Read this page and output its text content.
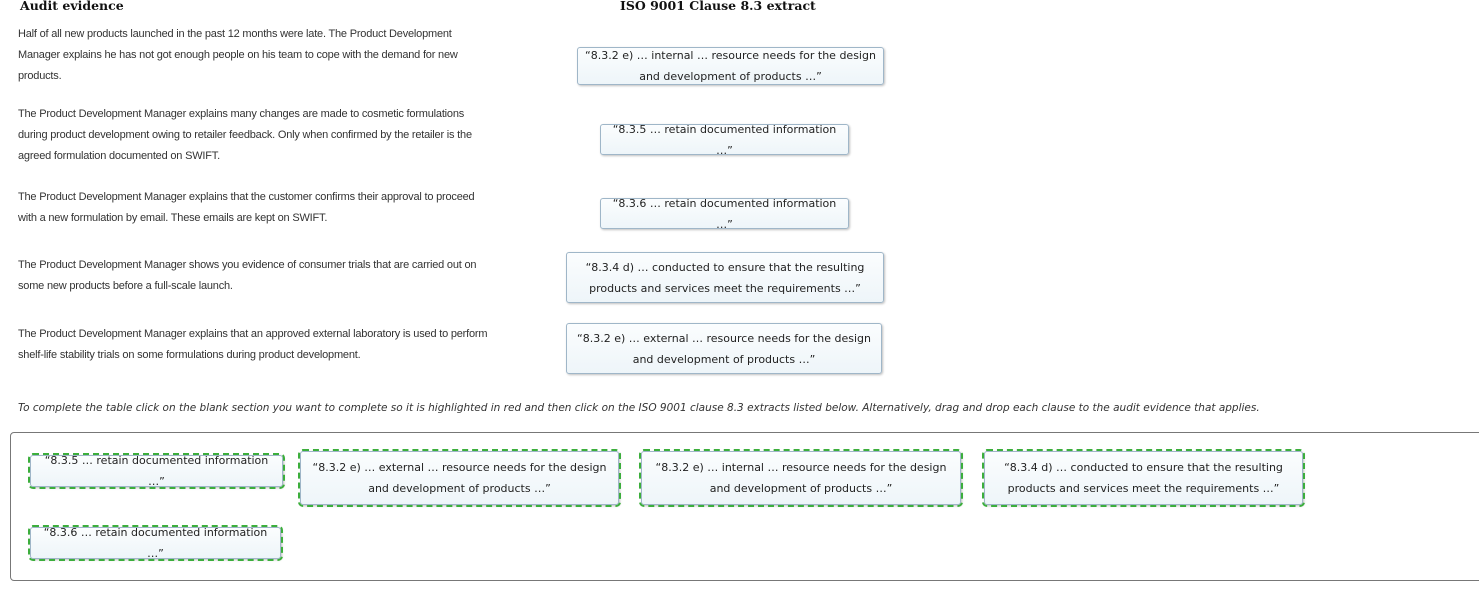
Audit evidence	ISO 9001 Clause 8.3 extract
Half of all new products launched in the past 12 months were late. The Product Development
Manager explains he has not got enough people on his team to cope with the demand for new
products.
The Product Development Manager explains many changes are made to cosmetic formulations
during product development owing to retailer feedback. Only when confirmed by the retailer is the
agreed formulation documented on SWIFT.
The Product Development Manager explains that the customer confirms their approval to proceed
with a new formulation by email. These emails are kept on SWIFT.
The Product Development Manager shows you evidence of consumer trials that are carried out on
some new products before a full-scale launch.
The Product Development Manager explains that an approved external laboratory is used to perform
shelf-life stability trials on some formulations during product development.
“8.3.2 e) … internal … resource needs for the design
and development of products …”
“8.3.5 … retain documented information …”
“8.3.6 … retain documented information …”
“8.3.4 d) … conducted to ensure that the resulting
products and services meet the requirements …”
“8.3.2 e) … external … resource needs for the design
and development of products …”
To complete the table click on the blank section you want to complete so it is highlighted in red and then click on the ISO 9001 clause 8.3 extracts listed below. Alternatively, drag and drop each clause to the audit evidence that applies.
“8.3.5 … retain documented information …”
“8.3.2 e) … external … resource needs for the design
and development of products …”
“8.3.2 e) … internal … resource needs for the design
and development of products …”
“8.3.4 d) … conducted to ensure that the resulting
products and services meet the requirements …”
“8.3.6 … retain documented information …”
